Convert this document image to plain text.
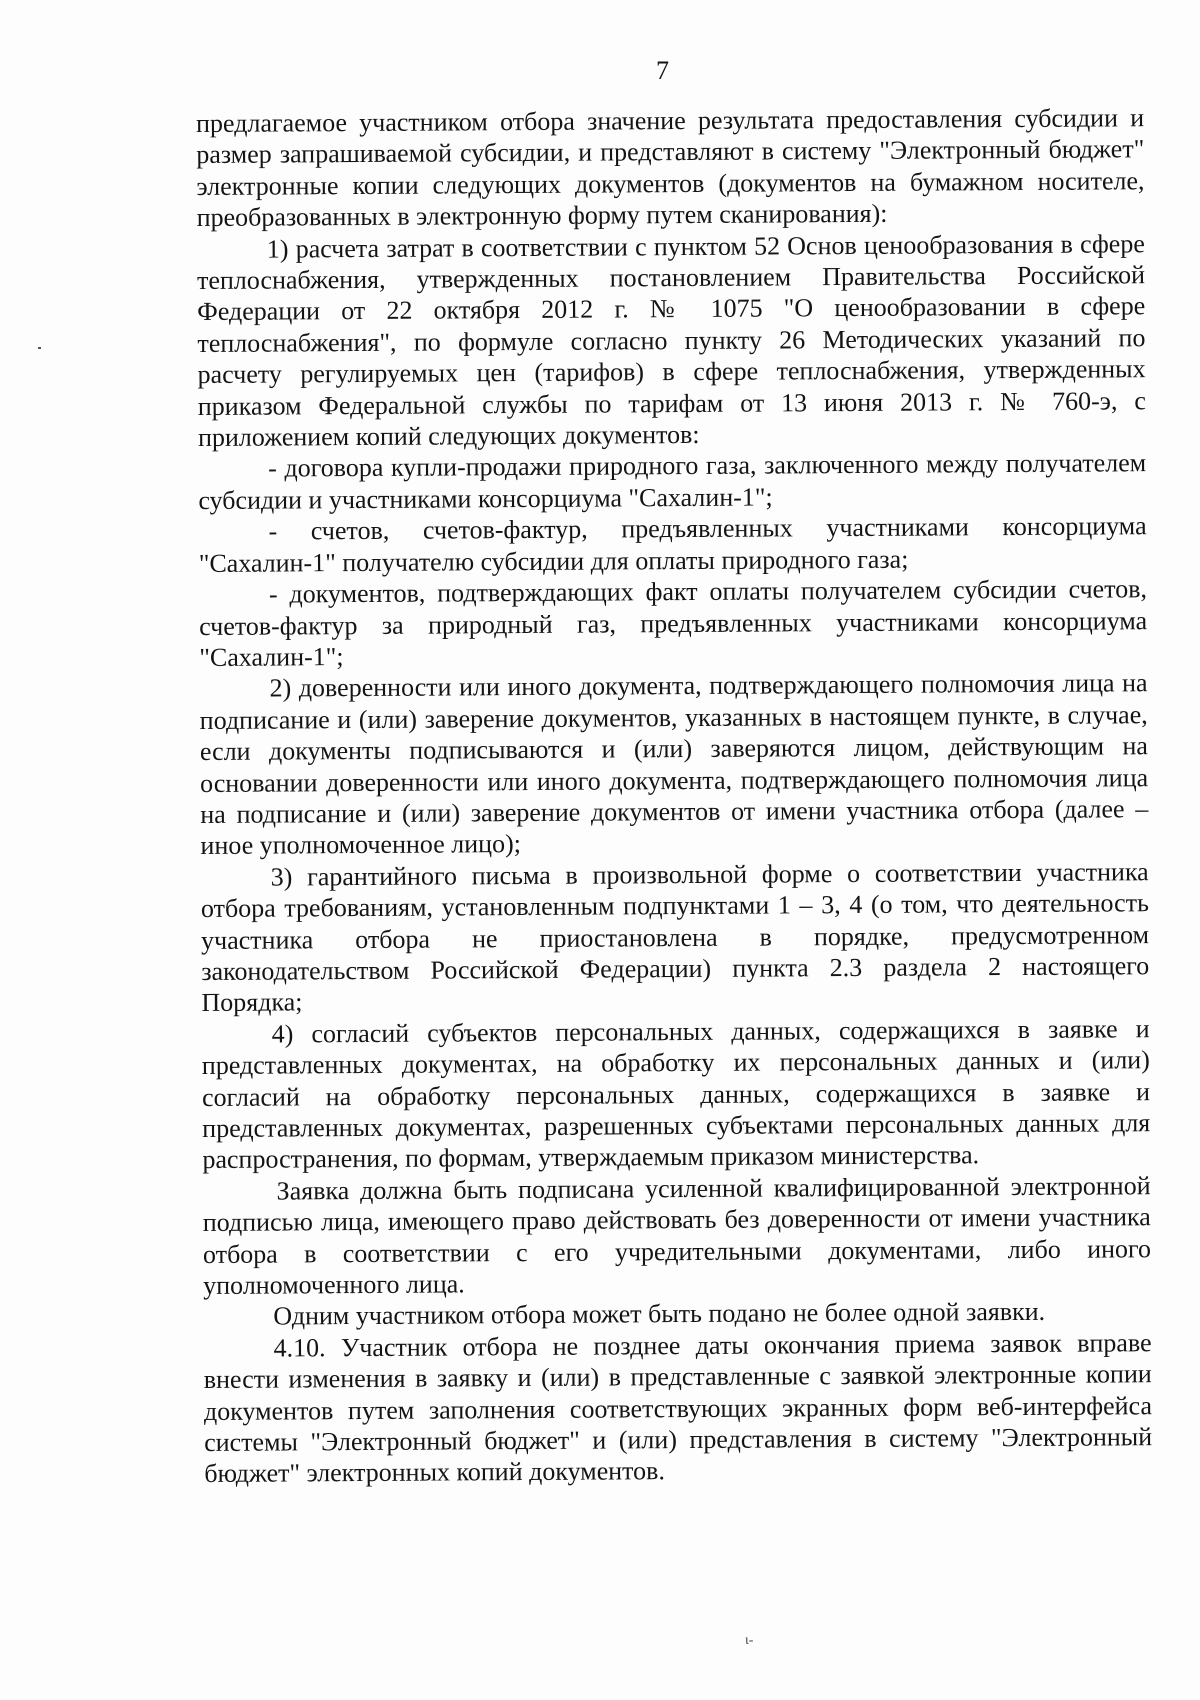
7

предлагаемое участником отбора значение результата предоставления субсидии и размер запрашиваемой субсидии, и представляют в систему "Электронный бюджет" электронные копии следующих документов (документов на бумажном носителе, преобразованных в электронную форму путем сканирования):

1) расчета затрат в соответствии с пунктом 52 Основ ценообразования в сфере теплоснабжения, утвержденных постановлением Правительства Российской Федерации от 22 октября 2012 г. № 1075 "О ценообразовании в сфере теплоснабжения", по формуле согласно пункту 26 Методических указаний по расчету регулируемых цен (тарифов) в сфере теплоснабжения, утвержденных приказом Федеральной службы по тарифам от 13 июня 2013 г. № 760-э, с приложением копий следующих документов:

- договора купли-продажи природного газа, заключенного между получателем субсидии и участниками консорциума "Сахалин-1";

- счетов, счетов-фактур, предъявленных участниками консорциума "Сахалин-1" получателю субсидии для оплаты природного газа;

- документов, подтверждающих факт оплаты получателем субсидии счетов, счетов-фактур за природный газ, предъявленных участниками консорциума "Сахалин-1";

2) доверенности или иного документа, подтверждающего полномочия лица на подписание и (или) заверение документов, указанных в настоящем пункте, в случае, если документы подписываются и (или) заверяются лицом, действующим на основании доверенности или иного документа, подтверждающего полномочия лица на подписание и (или) заверение документов от имени участника отбора (далее – иное уполномоченное лицо);

3) гарантийного письма в произвольной форме о соответствии участника отбора требованиям, установленным подпунктами 1 – 3, 4 (о том, что деятельность участника отбора не приостановлена в порядке, предусмотренном законодательством Российской Федерации) пункта 2.3 раздела 2 настоящего Порядка;

4) согласий субъектов персональных данных, содержащихся в заявке и представленных документах, на обработку их персональных данных и (или) согласий на обработку персональных данных, содержащихся в заявке и представленных документах, разрешенных субъектами персональных данных для распространения, по формам, утверждаемым приказом министерства.

Заявка должна быть подписана усиленной квалифицированной электронной подписью лица, имеющего право действовать без доверенности от имени участника отбора в соответствии с его учредительными документами, либо иного уполномоченного лица.

Одним участником отбора может быть подано не более одной заявки.

4.10. Участник отбора не позднее даты окончания приема заявок вправе внести изменения в заявку и (или) в представленные с заявкой электронные копии документов путем заполнения соответствующих экранных форм веб-интерфейса системы "Электронный бюджет" и (или) представления в систему "Электронный бюджет" электронных копий документов.

ι-
